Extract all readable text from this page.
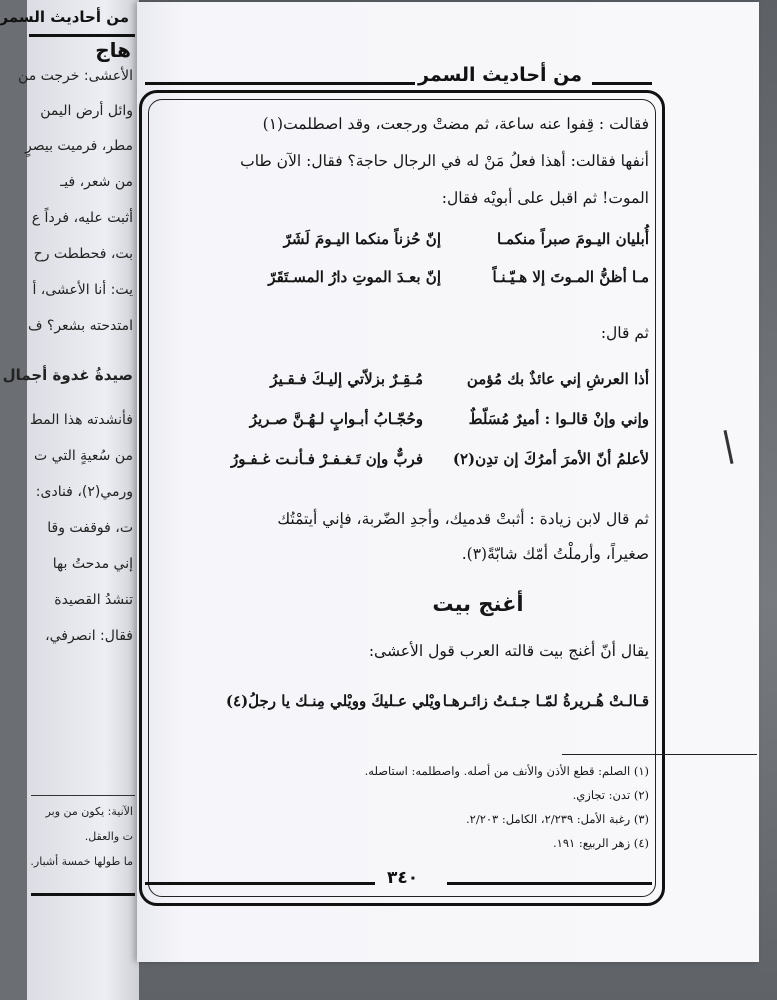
من أحاديث السمر
هاج
الأعشى: خرجت من
وائل أرض اليمن
مطر، فرميت بيصرٍ
من شعر، فيـ
أثبت عليه، فرداً ع
بت، فحططت رح
يت: أنا الأعشى، أ
امتدحته بشعر؟ ف
صيدةُ غدوة أجمال
فأنشدته هذا المط
من سُعيةٍ التي ت
ورمي(٢)، فنادى:
ت، فوقفت وقا
إني مدحتُ بها
تنشدُ القصيدة
فقال: انصرفي،
الآنية: يكون من وبر
ت والعقل.
ما طولها خمسة أشبار.
من أحاديث السمر
فقالت : قِفوا عنه ساعة، ثم مضتْ ورجعت، وقد اصطلمت(١)
أنفها فقالت: أهذا فعلُ مَنْ له في الرجال حاجة؟ فقال: الآن طاب
الموت! ثم اقبل على أبويْه فقال:
أُبليان اليـومَ صبراً منكمـا
إنّ حُزناً منكما اليـومَ لَشَرّ
مـا أظنُّ المـوتَ إلا هـيّـنـاً
إنّ بعـدَ الموتِ دارُ المسـتَقَرّ
ثم قال:
أذا العرشِ إني عائذٌ بك مُؤمن
مُـقِـرٌ بزلاّتي إليـكَ فـقـيرُ
وإني وإنْ قالـوا : أميرٌ مُسَلّطٌ
وحُجّـابُ أبـوابٍ لـهُـنَّ صـريرُ
لأعلمُ أنّ الأمرَ أمرُكَ إن تدِن(٢)
فربٌّ وإن تَـغـفـرْ فـأنـت غـفـورُ
ثم قال لابن زيادة : أثبتْ قدميك، وأجدِ الضّربة، فإني أيتمْتُك
صغيراً، وأرملْتُ أمّك شابّةً(٣).
أغنج بيت
يقال أنّ أغنج بيت قالته العرب قول الأعشى:
قـالـتْ هُـريرةُ لمّـا جـئـتُ زائـرهـا
ويْلي عـليكَ وويْلي مِنـك يا رجلُ(٤)
(١) الصلم: قطع الأذن والأنف من أصله. واصطلمه: استاصله.
(٢) تدن: تجازي.
(٣) رغبة الأمل: ٢/٢٣٩، الكامل: ٢/٢٠٣.
(٤) زهر الربيع: ١٩١.
٣٤٠
